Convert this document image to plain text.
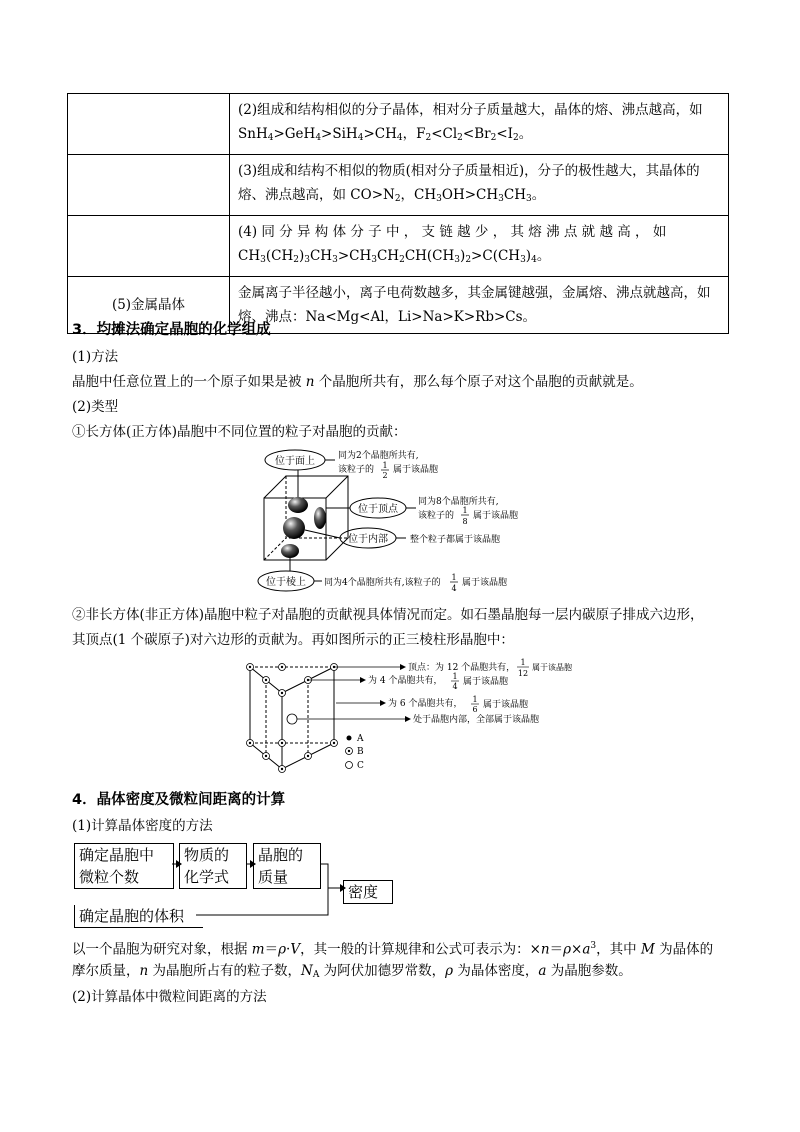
	(2)组成和结构相似的分子晶体，相对分子质量越大，晶体的熔、沸点越高，如$SnH_4>GeH_4>SiH_4>CH_4$，$F_2<Cl_2<Br_2<I_2$。
	(3)组成和结构不相似的物质(相对分子质量相近)，分子的极性越大，其晶体的熔、沸点越高，如 $CO>N_2$，$CH_3OH>CH_3CH_3$。
	(4) 同 分 异 构 体 分 子 中 ， 支 链 越 少 ， 其 熔 沸 点 就 越 高 ， 如$CH_3(CH_2)_3CH_3>CH_3CH_2CH(CH_3)_2>C(CH_3)_4$。
(5)金属晶体	金属离子半径越小，离子电荷数越多，其金属键越强，金属熔、沸点就越高，如熔、沸点：Na<Mg<Al，Li>Na>K>Rb>Cs。
3．均摊法确定晶胞的化学组成
(1)方法
晶胞中任意位置上的一个原子如果是被 n 个晶胞所共有，那么每个原子对这个晶胞的贡献就是。
(2)类型
①长方体(正方体)晶胞中不同位置的粒子对晶胞的贡献：
位于面上	同为2个晶胞所共有,
该粒子的 1
2
属于该晶胞
位于顶点
同为8个晶胞所共有,
该粒子的
1
8
属于该晶胞
位于内部 整个粒子都属于该晶胞
位于棱上 同为4个晶胞所共有,该粒子的
1
4
属于该晶胞
②非长方体(非正方体)晶胞中粒子对晶胞的贡献视具体情况而定。如石墨晶胞每一层内碳原子排成六边形，
其顶点(1 个碳原子)对六边形的贡献为。再如图所示的正三棱柱形晶胞中：
顶点：为 12 个晶胞共有，
1
12
属于该晶胞
为 4 个晶胞共有， 1
4 属于该晶胞
为 6 个晶胞共有， 1
6 属于该晶胞
处于晶胞内部，全部属于该晶胞
A
B
C
4．晶体密度及微粒间距离的计算
(1)计算晶体密度的方法
确定晶胞中
微粒个数
物质的
化学式
晶胞的
质量
密度
确定晶胞的体积
以一个晶胞为研究对象，根据 m＝ρ·V，其一般的计算规律和公式可表示为：$\times n=\rho\times a^3$，其中 M 为晶体的
摩尔质量，n 为晶胞所占有的粒子数，$N_A$ 为阿伏加德罗常数，ρ 为晶体密度，a 为晶胞参数。
(2)计算晶体中微粒间距离的方法
